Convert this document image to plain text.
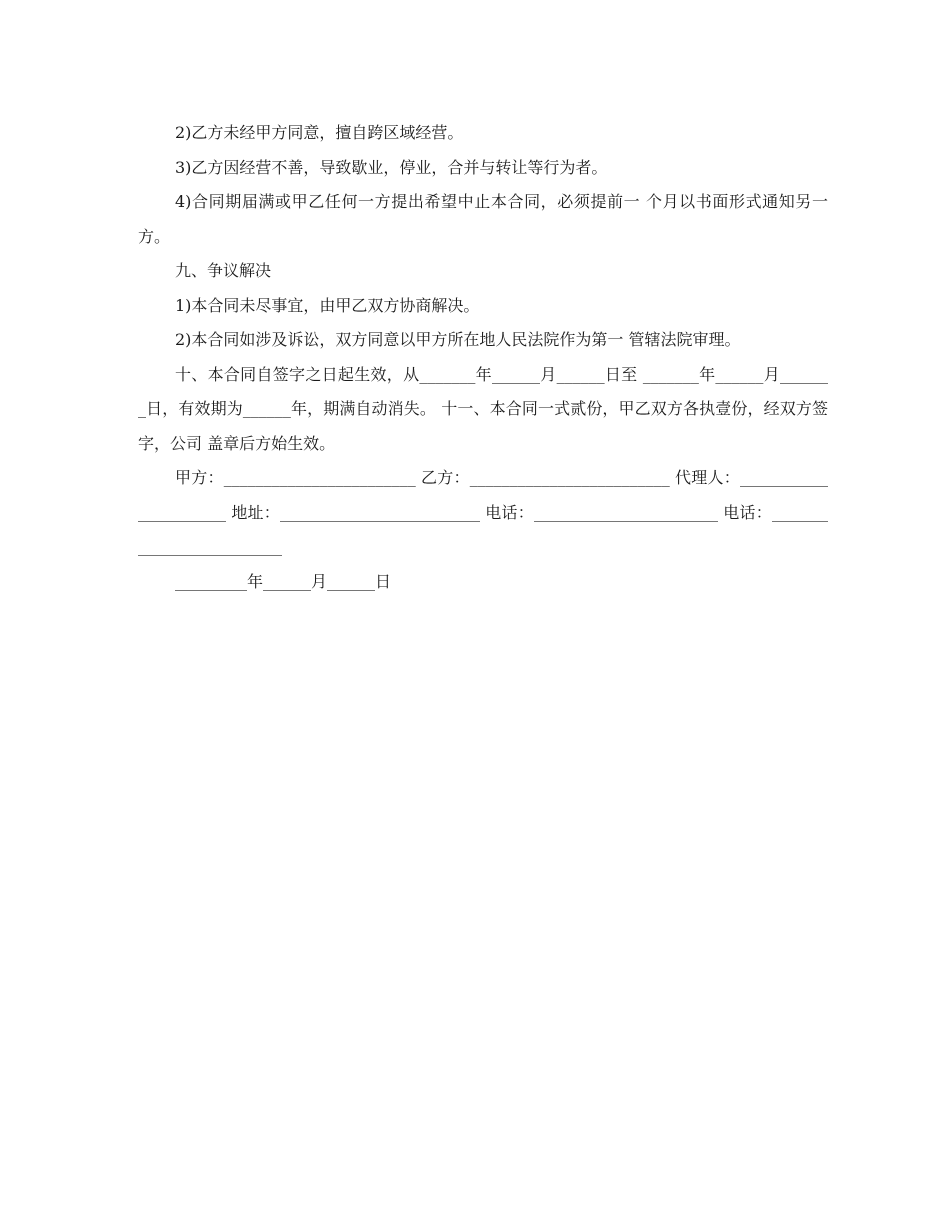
2)乙方未经甲方同意，擅自跨区域经营。

3)乙方因经营不善，导致歇业，停业，合并与转让等行为者。

4)合同期届满或甲乙任何一方提出希望中止本合同，必须提前一 个月以书面形式通知另一方。

九、争议解决

1)本合同未尽事宜，由甲乙双方协商解决。

2)本合同如涉及诉讼，双方同意以甲方所在地人民法院作为第一 管辖法院审理。

十、本合同自签字之日起生效，从_______年______月______日至 _______年______月_______日，有效期为______年，期满自动消失。 十一、本合同一式贰份，甲乙双方各执壹份，经双方签字，公司 盖章后方始生效。

甲方：________________________ 乙方：_________________________ 代理人：______________________ 地址：_________________________ 电话：_______________________ 电话：_________________________

_________年______月______日
